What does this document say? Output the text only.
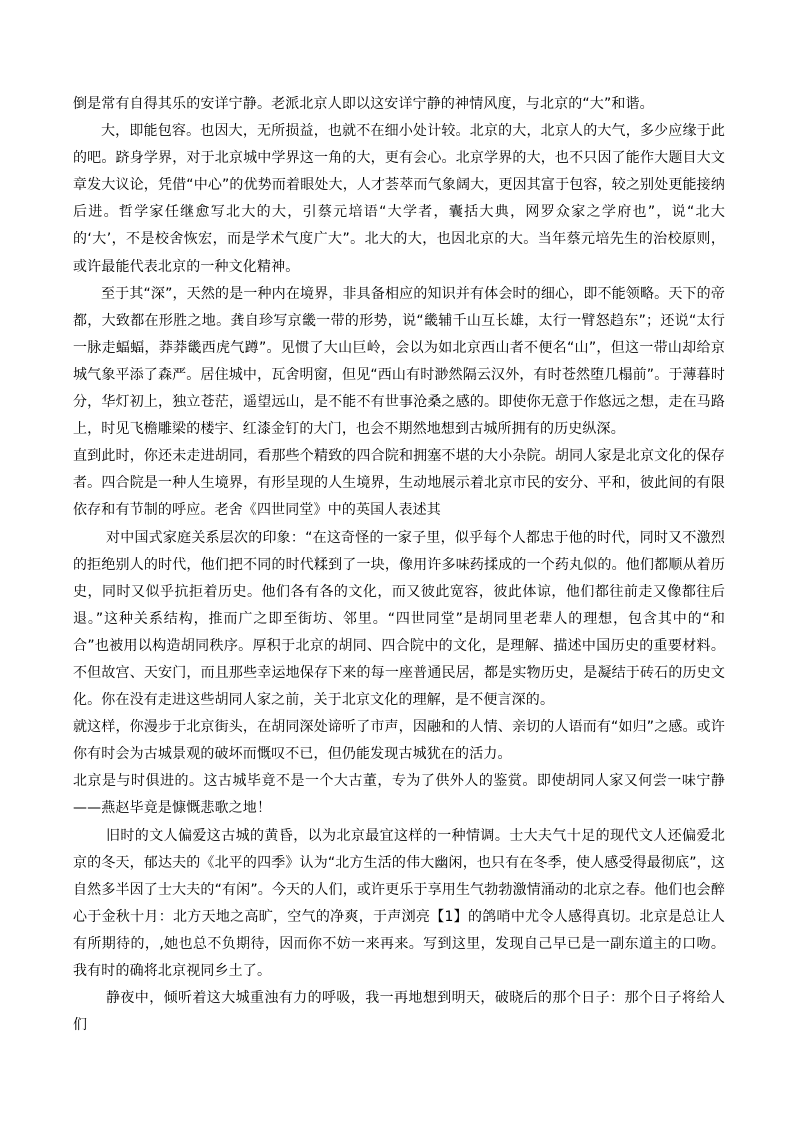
倒是常有自得其乐的安详宁静。老派北京人即以这安详宁静的神情风度，与北京的“大”和谐。

大，即能包容。也因大，无所损益，也就不在细小处计较。北京的大，北京人的大气，多少应缘于此的吧。跻身学界，对于北京城中学界这一角的大，更有会心。北京学界的大，也不只因了能作大题目大文章发大议论，凭借“中心”的优势而着眼处大，人才荟萃而气象阔大，更因其富于包容，较之别处更能接纳后进。哲学家任继愈写北大的大，引蔡元培语“大学者，囊括大典，网罗众家之学府也”，说“北大的‘大’，不是校舍恢宏，而是学术气度广大”。北大的大，也因北京的大。当年蔡元培先生的治校原则，或许最能代表北京的一种文化精神。

至于其“深”，天然的是一种内在境界，非具备相应的知识并有体会时的细心，即不能领略。天下的帝都，大致都在形胜之地。龚自珍写京畿一带的形势，说“畿辅千山互长雄，太行一臂怒趋东”；还说“太行一脉走蝠蝠，莽莽畿西虎气蹲”。见惯了大山巨岭，会以为如北京西山者不便名“山”，但这一带山却给京城气象平添了森严。居住城中，瓦舍明窗，但见“西山有时渺然隔云汉外，有时苍然堕几榻前”。于薄暮时分，华灯初上，独立苍茫，遥望远山，是不能不有世事沧桑之感的。即使你无意于作悠远之想，走在马路上，时见飞檐雕梁的楼宇、红漆金钉的大门，也会不期然地想到古城所拥有的历史纵深。

直到此时，你还未走进胡同，看那些个精致的四合院和拥塞不堪的大小杂院。胡同人家是北京文化的保存者。四合院是一种人生境界，有形呈现的人生境界，生动地展示着北京市民的安分、平和，彼此间的有限依存和有节制的呼应。老舍《四世同堂》中的英国人表述其

对中国式家庭关系层次的印象：“在这奇怪的一家子里，似乎每个人都忠于他的时代，同时又不激烈的拒绝别人的时代，他们把不同的时代糅到了一块，像用许多味药揉成的一个药丸似的。他们都顺从着历史，同时又似乎抗拒着历史。他们各有各的文化，而又彼此宽容，彼此体谅，他们都往前走又像都往后退。”这种关系结构，推而广之即至街坊、邻里。“四世同堂”是胡同里老辈人的理想，包含其中的“和合”也被用以构造胡同秩序。厚积于北京的胡同、四合院中的文化，是理解、描述中国历史的重要材料。不但故宫、天安门，而且那些幸运地保存下来的每一座普通民居，都是实物历史，是凝结于砖石的历史文化。你在没有走进这些胡同人家之前，关于北京文化的理解，是不便言深的。

就这样，你漫步于北京街头，在胡同深处谛听了市声，因融和的人情、亲切的人语而有“如归”之感。或许你有时会为古城景观的破坏而慨叹不已，但仍能发现古城犹在的活力。

北京是与时俱进的。这古城毕竟不是一个大古董，专为了供外人的鉴赏。即使胡同人家又何尝一味宁静——燕赵毕竟是慷慨悲歌之地！

旧时的文人偏爱这古城的黄昏，以为北京最宜这样的一种情调。士大夫气十足的现代文人还偏爱北京的冬天，郁达夫的《北平的四季》认为“北方生活的伟大幽闲，也只有在冬季，使人感受得最彻底”，这自然多半因了士大夫的“有闲”。今天的人们，或许更乐于享用生气勃勃激情涌动的北京之春。他们也会醉心于金秋十月：北方天地之高旷，空气的净爽，于声浏亮【1】的鸽哨中尤令人感得真切。北京是总让人有所期待的，,她也总不负期待，因而你不妨一来再来。写到这里，发现自己早已是一副东道主的口吻。我有时的确将北京视同乡土了。

静夜中，倾听着这大城重浊有力的呼吸，我一再地想到明天，破晓后的那个日子：那个日子将给人们
